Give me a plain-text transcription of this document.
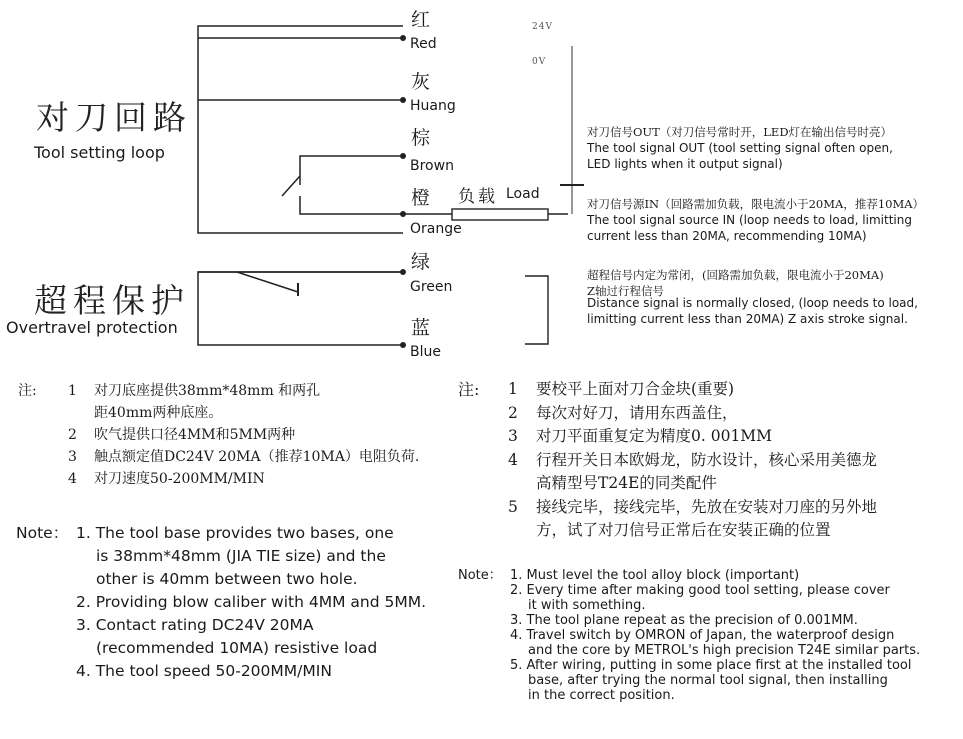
红
Red
灰
Huang
棕
Brown
橙
Orange
绿
Green
蓝
Blue
24V
0V
负载 Load
对刀回路
Tool setting loop
超程保护
Overtravel protection
对刀信号OUT（对刀信号常时开，LED灯在输出信号时亮）
The tool signal OUT (tool setting signal often open,
LED lights when it output signal)
对刀信号源IN（回路需加负载，限电流小于20MA，推荐10MA）
The tool signal source IN (loop needs to load, limitting
current less than 20MA, recommending 10MA)
超程信号内定为常闭，(回路需加负载，限电流小于20MA)
Z轴过行程信号
Distance signal is normally closed, (loop needs to load,
limitting current less than 20MA) Z axis stroke signal.
注: 1 对刀底座提供38mm*48mm 和两孔
距40mm两种底座。
2 吹气提供口径4MM和5MM两种
3 触点额定值DC24V 20MA（推荐10MA）电阻负荷.
4 对刀速度50-200MM/MIN
注: 1 要校平上面对刀合金块(重要)
2 每次对好刀，请用东西盖住，
3 对刀平面重复定为精度0. 001MM
4 行程开关日本欧姆龙，防水设计，核心采用美德龙
高精型号T24E的同类配件
5 接线完毕，接线完毕，先放在安装对刀座的另外地
方，试了对刀信号正常后在安装正确的位置
Note： 1. The tool base provides two bases, one
is 38mm*48mm (JIA TIE size) and the
other is 40mm between two hole.
2. Providing blow caliber with 4MM and 5MM.
3. Contact rating DC24V 20MA
(recommended 10MA) resistive load
4. The tool speed 50-200MM/MIN
Note： 1. Must level the tool alloy block (important)
2. Every time after making good tool setting, please cover
it with something.
3. The tool plane repeat as the precision of 0.001MM.
4. Travel switch by OMRON of Japan, the waterproof design
and the core by METROL's high precision T24E similar parts.
5. After wiring, putting in some place first at the installed tool
base, after trying the normal tool signal, then installing
in the correct position.
